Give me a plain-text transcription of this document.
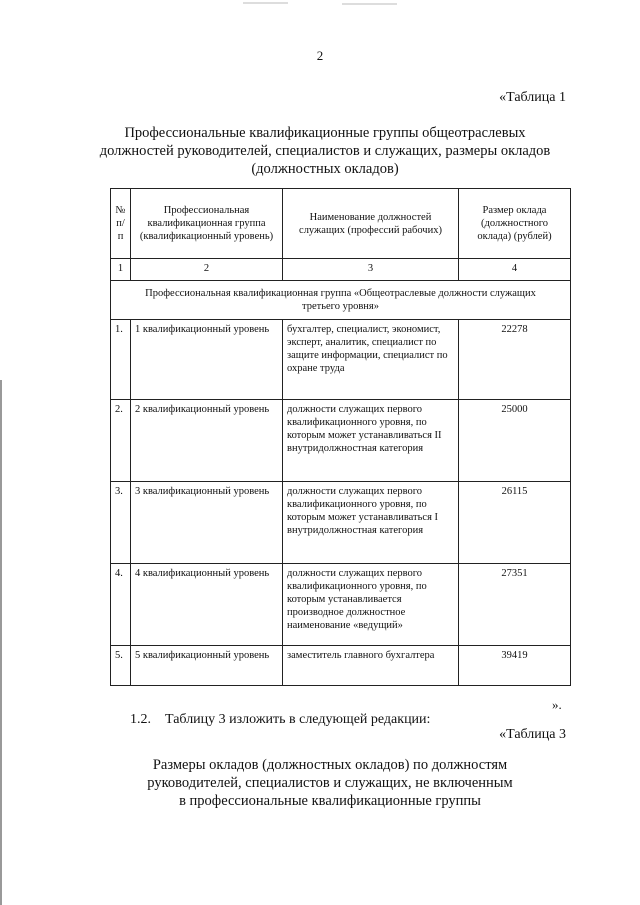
2
«Таблица 1
Профессиональные квалификационные группы общеотраслевых
должностей руководителей, специалистов и служащих, размеры окладов
(должностных окладов)
№ п/п	Профессиональная квалификационная группа (квалификационный уровень)	Наименование должностей служащих (профессий рабочих)	Размер оклада (должностного оклада) (рублей)
1	2	3	4
Профессиональная квалификационная группа «Общеотраслевые должности служащих третьего уровня»			
1.	1 квалификационный уровень	бухгалтер, специалист, экономист, эксперт, аналитик, специалист по защите информации, специалист по охране труда	22278
2.	2 квалификационный уровень	должности служащих первого квалификационного уровня, по которым может устанавливаться II внутридолжностная категория	25000
3.	3 квалификационный уровень	должности служащих первого квалификационного уровня, по которым может устанавливаться I внутридолжностная категория	26115
4.	4 квалификационный уровень	должности служащих первого квалификационного уровня, по которым устанавливается производное должностное наименование «ведущий»	27351
5.	5 квалификационный уровень	заместитель главного бухгалтера	39419
».
1.2.    Таблицу 3 изложить в следующей редакции:
«Таблица 3
Размеры окладов (должностных окладов) по должностям
руководителей, специалистов и служащих, не включенным
в профессиональные квалификационные группы
